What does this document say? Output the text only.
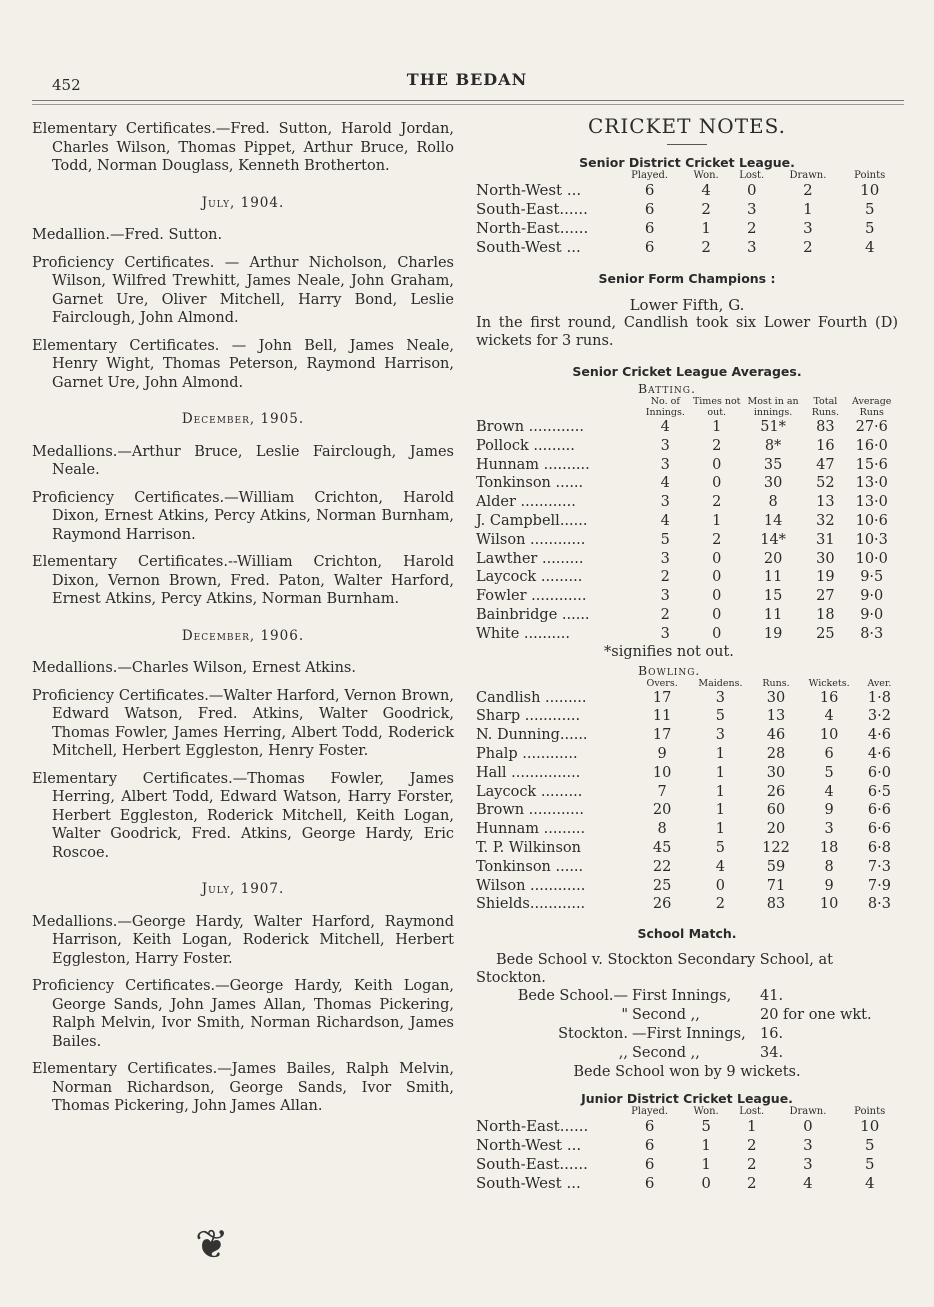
452	THE BEDAN

Elementary Certificates.—Fred. Sutton, Harold Jordan, Charles Wilson, Thomas Pippet, Arthur Bruce, Rollo Todd, Norman Douglass, Kenneth Brotherton.

July, 1904.

Medallion.—Fred. Sutton.

Proficiency Certificates. — Arthur Nicholson, Charles Wilson, Wilfred Trewhitt, James Neale, John Graham, Garnet Ure, Oliver Mitchell, Harry Bond, Leslie Fairclough, John Almond.

Elementary Certificates. — John Bell, James Neale, Henry Wight, Thomas Peterson, Raymond Harrison, Garnet Ure, John Almond.

December, 1905.

Medallions.—Arthur Bruce, Leslie Fairclough, James Neale.

Proficiency Certificates.—William Crichton, Harold Dixon, Ernest Atkins, Percy Atkins, Norman Burnham, Raymond Harrison.

Elementary Certificates.--William Crichton, Harold Dixon, Vernon Brown, Fred. Paton, Walter Harford, Ernest Atkins, Percy Atkins, Norman Burnham.

December, 1906.

Medallions.—Charles Wilson, Ernest Atkins.

Proficiency Certificates.—Walter Harford, Vernon Brown, Edward Watson, Fred. Atkins, Walter Goodrick, Thomas Fowler, James Herring, Albert Todd, Roderick Mitchell, Herbert Eggleston, Henry Foster.

Elementary Certificates.—Thomas Fowler, James Herring, Albert Todd, Edward Watson, Harry Forster, Herbert Eggleston, Roderick Mitchell, Keith Logan, Walter Goodrick, Fred. Atkins, George Hardy, Eric Roscoe.

July, 1907.

Medallions.—George Hardy, Walter Harford, Raymond Harrison, Keith Logan, Roderick Mitchell, Herbert Eggleston, Harry Foster.

Proficiency Certificates.—George Hardy, Keith Logan, George Sands, John James Allan, Thomas Pickering, Ralph Melvin, Ivor Smith, Norman Richardson, James Bailes.

Elementary Certificates.—James Bailes, Ralph Melvin, Norman Richardson, George Sands, Ivor Smith, Thomas Pickering, John James Allan.

❦
CRICKET NOTES.
Senior District Cricket League.
	Played.	Won.	Lost.	Drawn.	Points
North-West ...	6	4	0	2	10
South-East......	6	2	3	1	5
North-East......	6	1	2	3	5
South-West ...	6	2	3	2	4
Senior Form Champions :
Lower Fifth, G.

In the first round, Candlish took six Lower Fourth (D) wickets for 3 runs.

Senior Cricket League Averages.
	Batting.				
	No. of Innings.	Times not out.	Most in an innings.	Total Runs.	Average Runs
Brown ............	4	1	51*	83	27·6
Pollock .........	3	2	8*	16	16·0
Hunnam ..........	3	0	35	47	15·6
Tonkinson ......	4	0	30	52	13·0
Alder ............	3	2	8	13	13·0
J. Campbell......	4	1	14	32	10·6
Wilson ............	5	2	14*	31	10·3
Lawther .........	3	0	20	30	10·0
Laycock .........	2	0	11	19	9·5
Fowler ............	3	0	15	27	9·0
Bainbridge ......	2	0	11	18	9·0
White ..........	3	0	19	25	8·3
*signifies not out.
	Bowling.				
	Overs.	Maidens.	Runs.	Wickets.	Aver.
Candlish .........	17	3	30	16	1·8
Sharp ............	11	5	13	4	3·2
N. Dunning......	17	3	46	10	4·6
Phalp ............	9	1	28	6	4·6
Hall ...............	10	1	30	5	6·0
Laycock .........	7	1	26	4	6·5
Brown ............	20	1	60	9	6·6
Hunnam .........	8	1	20	3	6·6
T. P. Wilkinson	45	5	122	18	6·8
Tonkinson ......	22	4	59	8	7·3
Wilson ............	25	0	71	9	7·9
Shields............	26	2	83	10	8·3
School Match.

Bede School v. Stockton Secondary School, at Stockton.

Bede School.— First Innings,	41.
" Second ,,	20 for one wkt.
Stockton. —First Innings, 16.
,, Second ,,	34.
Bede School won by 9 wickets.
Junior District Cricket League.
	Played.	Won.	Lost.	Drawn.	Points
North-East......	6	5	1	0	10
North-West ...	6	1	2	3	5
South-East......	6	1	2	3	5
South-West ...	6	0	2	4	4
